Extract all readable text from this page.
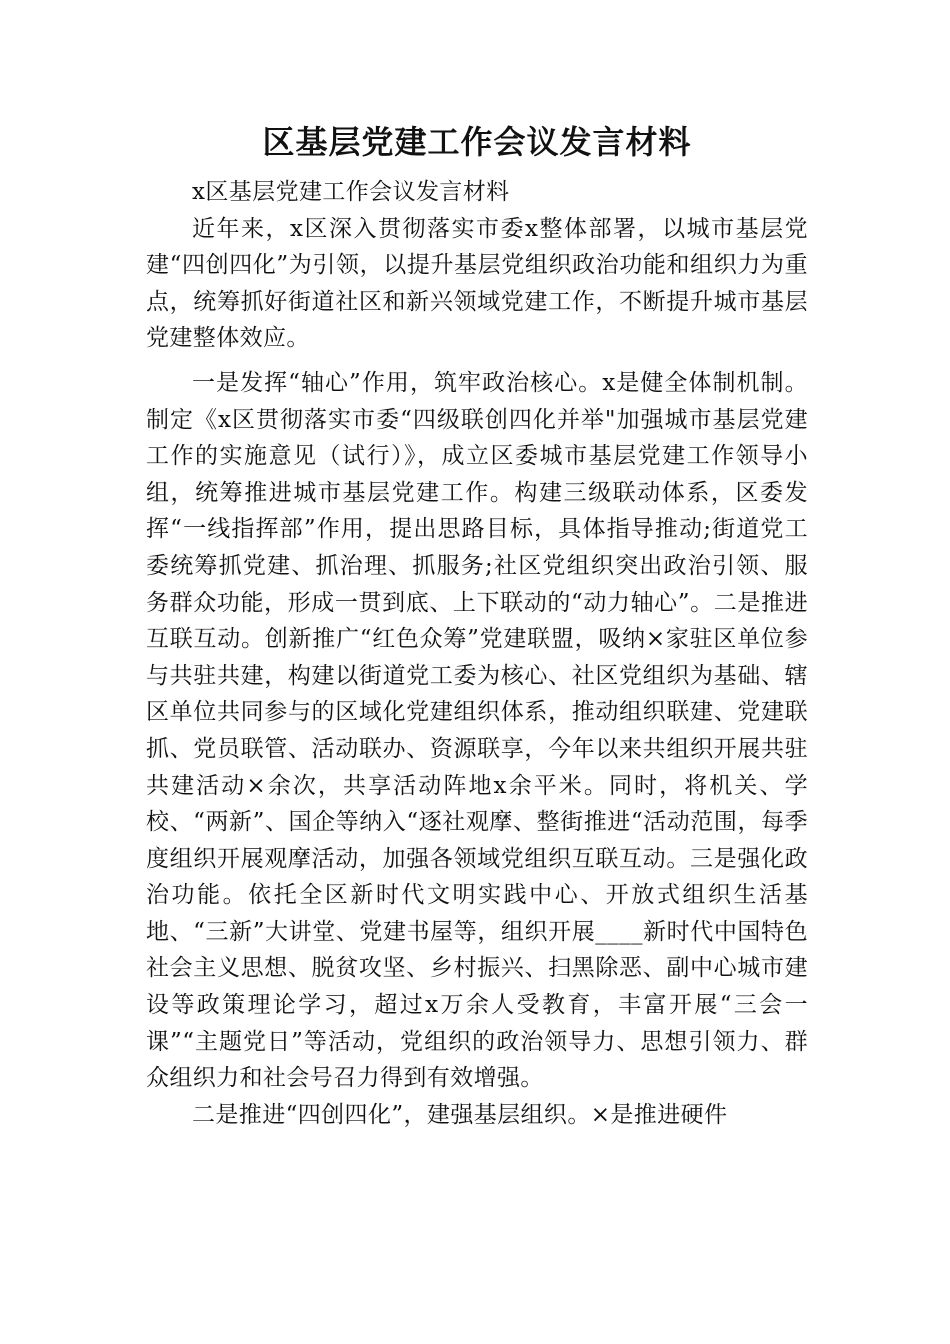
区基层党建工作会议发言材料

x区基层党建工作会议发言材料

近年来，x区深入贯彻落实市委x整体部署，以城市基层党建“四创四化”为引领，以提升基层党组织政治功能和组织力为重点，统筹抓好街道社区和新兴领域党建工作，不断提升城市基层党建整体效应。

一是发挥“轴心”作用，筑牢政治核心。x是健全体制机制。制定《x区贯彻落实市委“四级联创四化并举"加强城市基层党建工作的实施意见（试行）》，成立区委城市基层党建工作领导小组，统筹推进城市基层党建工作。构建三级联动体系，区委发挥“一线指挥部”作用，提出思路目标，具体指导推动;街道党工委统筹抓党建、抓治理、抓服务;社区党组织突出政治引领、服务群众功能，形成一贯到底、上下联动的“动力轴心”。二是推进互联互动。创新推广“红色众筹”党建联盟，吸纳×家驻区单位参与共驻共建，构建以街道党工委为核心、社区党组织为基础、辖区单位共同参与的区域化党建组织体系，推动组织联建、党建联抓、党员联管、活动联办、资源联享，今年以来共组织开展共驻共建活动×余次，共享活动阵地x余平米。同时，将机关、学校、“两新”、国企等纳入“逐社观摩、整街推进“活动范围，每季度组织开展观摩活动，加强各领域党组织互联互动。三是强化政治功能。依托全区新时代文明实践中心、开放式组织生活基地、“三新”大讲堂、党建书屋等，组织开展____新时代中国特色社会主义思想、脱贫攻坚、乡村振兴、扫黑除恶、副中心城市建设等政策理论学习，超过x万余人受教育，丰富开展“三会一课”“主题党日”等活动，党组织的政治领导力、思想引领力、群众组织力和社会号召力得到有效增强。

二是推进“四创四化”，建强基层组织。×是推进硬件
